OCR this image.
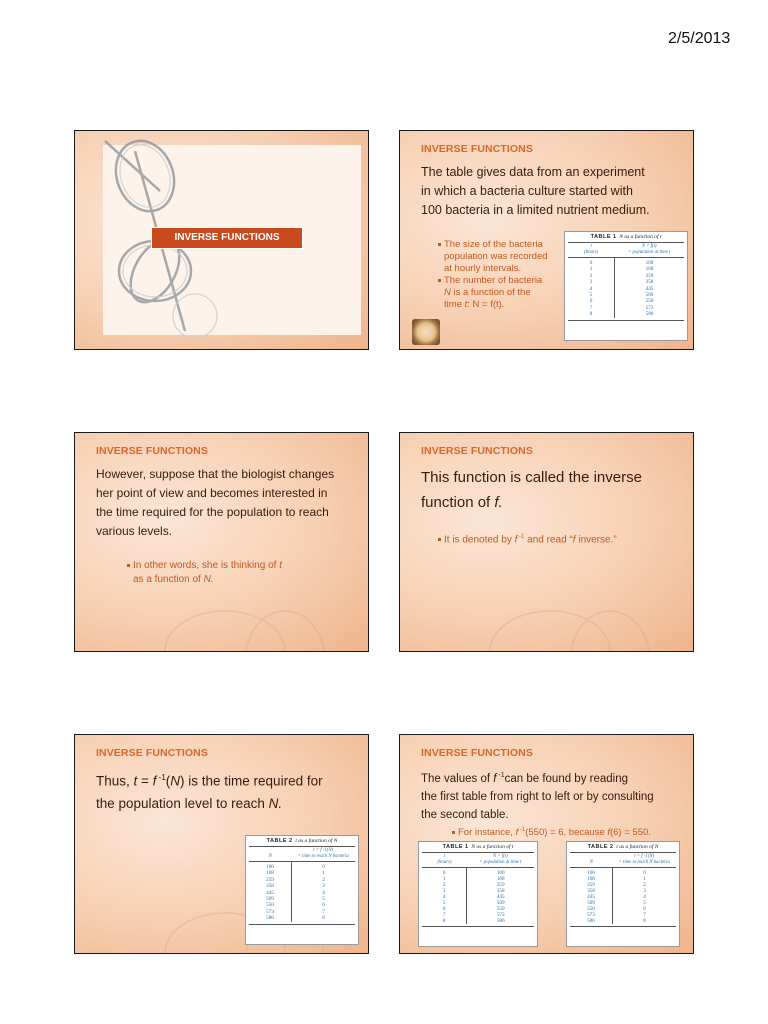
2/5/2013
INVERSE FUNCTIONS
INVERSE FUNCTIONS
The table gives data from an experiment
in which a bacteria culture started with
100 bacteria in a limited nutrient medium.
The size of the bacteria
population was recorded
at hourly intervals.
The number of bacteria
N is a function of the
time t: N = f(t).
TABLE 1 N as a function of t
t
(hours)
N = f(t)
= population at time t
0
1
2
3
4
5
6
7
8
100
168
259
358
445
509
550
573
586
INVERSE FUNCTIONS
However, suppose that the biologist changes
her point of view and becomes interested in
the time required for the population to reach
various levels.
In other words, she is thinking of t
as a function of N.
INVERSE FUNCTIONS
This function is called the inverse
function of f.
It is denoted by f $^{-1}$ and read “f inverse.”
INVERSE FUNCTIONS
Thus, t = f $^{-1}$(N) is the time required for
the population level to reach N.
TABLE 2 t as a function of N

N
t = f -1(N)
= time to reach N bacteria
100
168
259
358
445
509
550
573
586
0
1
2
3
4
5
6
7
8
INVERSE FUNCTIONS
The values of f $^{-1}$can be found by reading
the first table from right to left or by consulting
the second table.
For instance, f $^{-1}$(550) = 6, because f(6) = 550.
TABLE 1 N as a function of t
t
(hours)
N = f(t)
= population at time t
0
1
2
3
4
5
6
7
8
100
168
259
358
445
509
550
573
586
TABLE 2 t as a function of N

N
t = f -1(N)
= time to reach N bacteria
100
168
259
358
445
509
550
573
586
0
1
2
3
4
5
6
7
8
